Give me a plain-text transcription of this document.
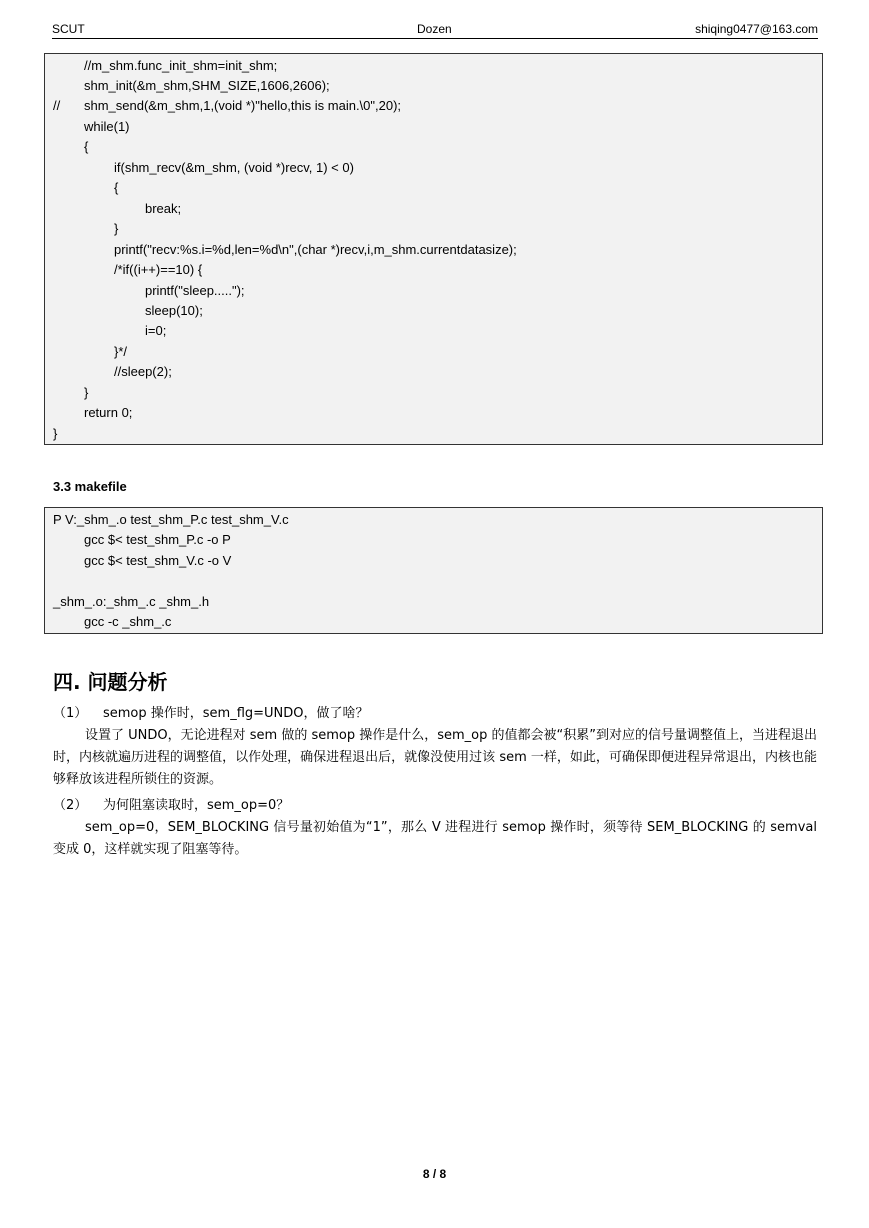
SCUT	Dozen	shiqing0477@163.com
//m_shm.func_init_shm=init_shm;
shm_init(&m_shm,SHM_SIZE,1606,2606);
// shm_send(&m_shm,1,(void *)"hello,this is main.\0",20);
while(1)
{
if(shm_recv(&m_shm, (void *)recv, 1) < 0)
{
break;
}
printf("recv:%s.i=%d,len=%d\n",(char *)recv,i,m_shm.currentdatasize);
/*if((i++)==10) {
printf("sleep.....");
sleep(10);
i=0;
}*/
//sleep(2);
}
return 0;
}
3.3 makefile
P V:_shm_.o test_shm_P.c test_shm_V.c
gcc $< test_shm_P.c -o P
gcc $< test_shm_V.c -o V
_shm_.o:_shm_.c _shm_.h
gcc -c _shm_.c
四. 问题分析
（1） semop 操作时，sem_flg=UNDO，做了啥？
设置了 UNDO，无论进程对 sem 做的 semop 操作是什么，sem_op 的值都会被“积累”到对应的信号量调整值上，当进程退出时，内核就遍历进程的调整值，以作处理，确保进程退出后，就像没使用过该 sem 一样，如此，可确保即便进程异常退出，内核也能够释放该进程所锁住的资源。
（2） 为何阻塞读取时，sem_op=0？
sem_op=0，SEM_BLOCKING 信号量初始值为“1”，那么 V 进程进行 semop 操作时，须等待 SEM_BLOCKING 的 semval 变成 0，这样就实现了阻塞等待。
8 / 8
